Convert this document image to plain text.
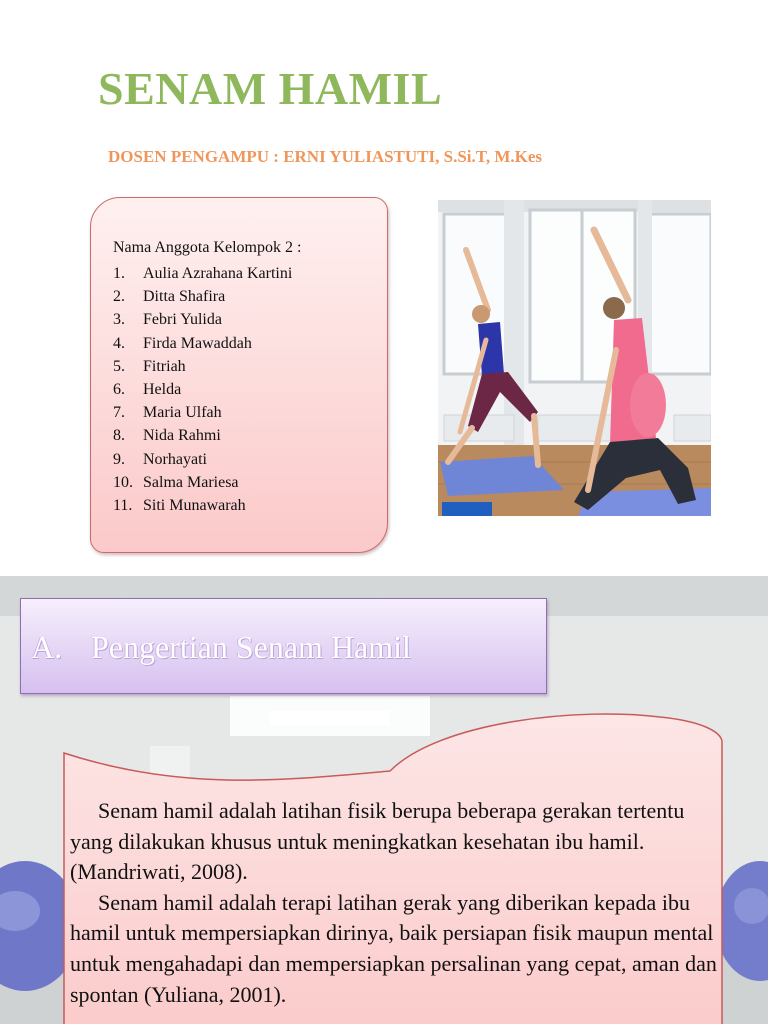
SENAM HAMIL
DOSEN PENGAMPU : ERNI YULIASTUTI, S.Si.T, M.Kes
Nama Anggota Kelompok 2 :
1.	Aulia Azrahana Kartini
2.	Ditta Shafira
3.	Febri Yulida
4.	Firda Mawaddah
5.	Fitriah
6.	Helda
7.	Maria Ulfah
8.	Nida Rahmi
9.	Norhayati
10. Salma Mariesa
11. Siti Munawarah
A. Pengertian Senam Hamil

Senam hamil adalah latihan fisik berupa beberapa gerakan tertentu yang dilakukan khusus untuk meningkatkan kesehatan ibu hamil. (Mandriwati, 2008).

Senam hamil adalah terapi latihan gerak yang diberikan kepada ibu hamil untuk mempersiapkan dirinya, baik persiapan fisik maupun mental untuk mengahadapi dan mempersiapkan persalinan yang cepat, aman dan spontan (Yuliana, 2001).
